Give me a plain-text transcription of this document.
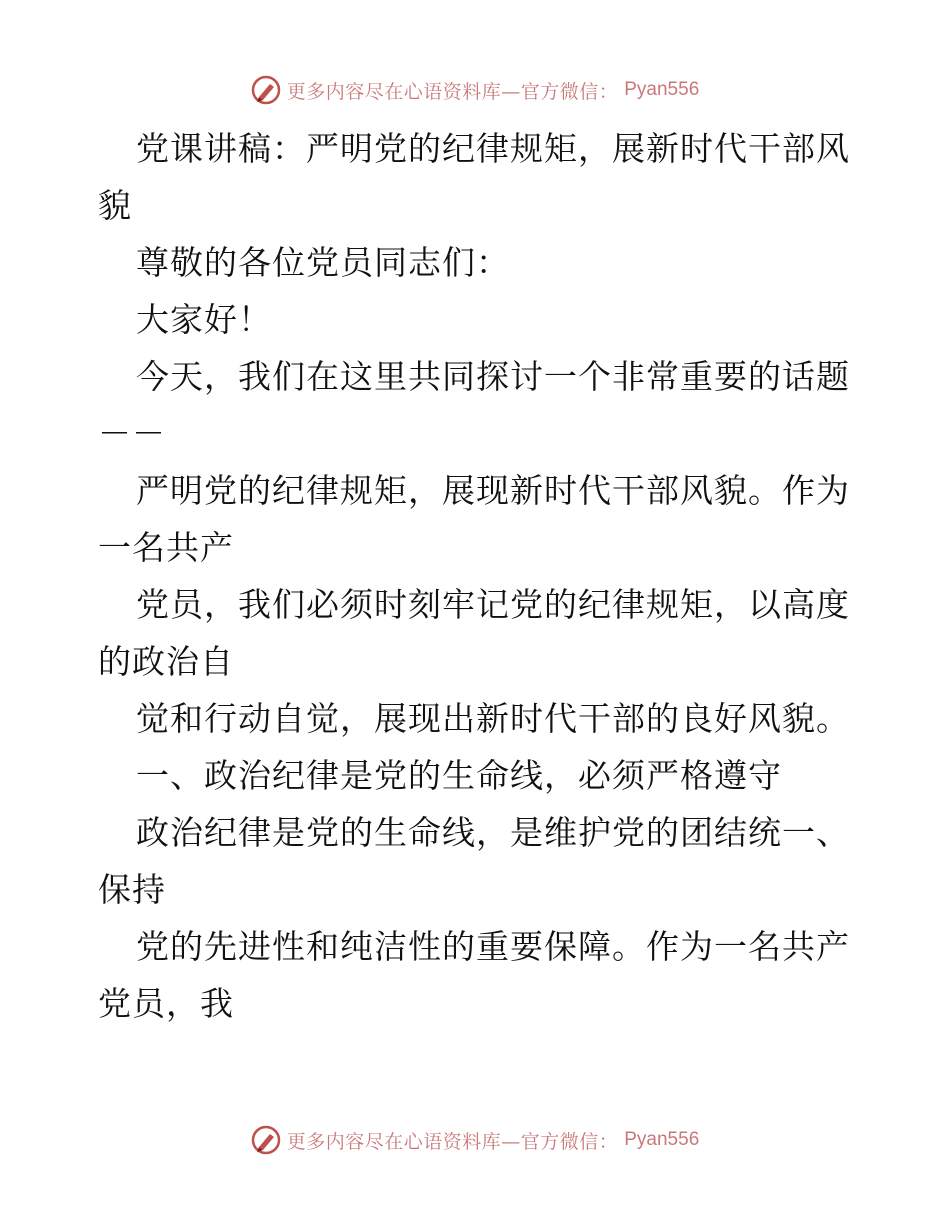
更多内容尽在心语资料库—官方微信： Pyan556
党课讲稿：严明党的纪律规矩，展新时代干部风
貌
尊敬的各位党员同志们：
大家好！
今天，我们在这里共同探讨一个非常重要的话题
－－
严明党的纪律规矩，展现新时代干部风貌。作为
一名共产
党员，我们必须时刻牢记党的纪律规矩，以高度
的政治自
觉和行动自觉，展现出新时代干部的良好风貌。
一、政治纪律是党的生命线，必须严格遵守
政治纪律是党的生命线，是维护党的团结统一、
保持
党的先进性和纯洁性的重要保障。作为一名共产
党员，我
更多内容尽在心语资料库—官方微信： Pyan556
